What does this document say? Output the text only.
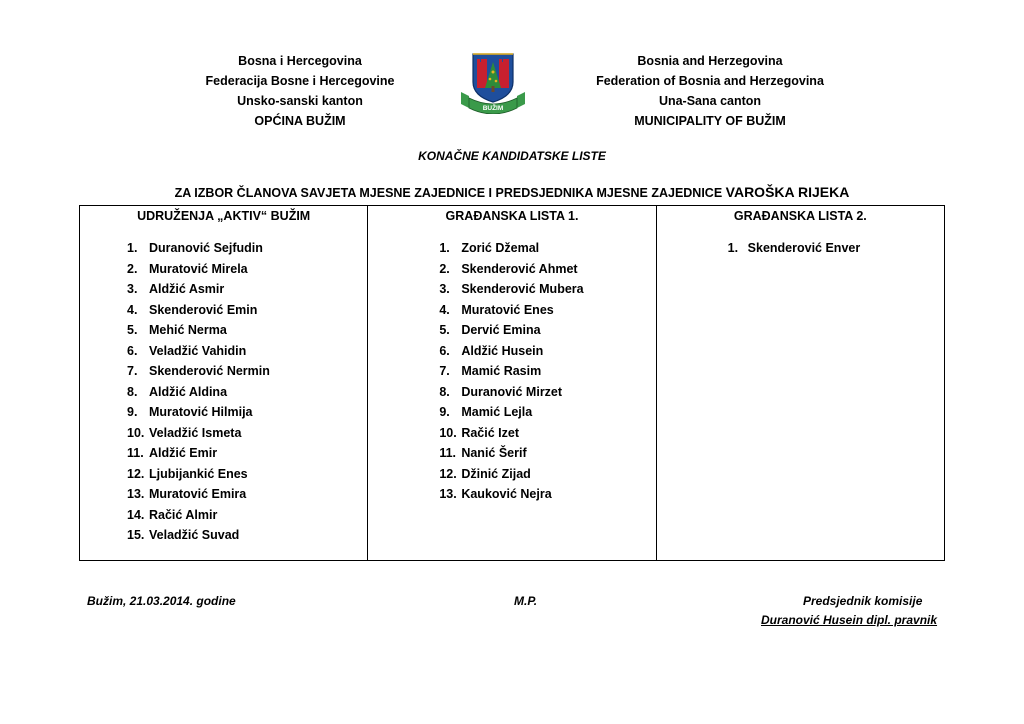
Bosna i Hercegovina
Federacija Bosne i Hercegovine
Unsko-sanski kanton
OPĆINA BUŽIM
BUŽIM
Bosnia and Herzegovina
Federation of Bosnia and Herzegovina
Una-Sana canton
MUNICIPALITY OF BUŽIM
KONAČNE KANDIDATSKE LISTE
ZA IZBOR ČLANOVA SAVJETA MJESNE ZAJEDNICE I PREDSJEDNIKA MJESNE ZAJEDNICE VAROŠKA RIJEKA
UDRUŽENJA „AKTIV“ BUŽIM
1. Duranović Sejfudin
2. Muratović Mirela
3. Aldžić Asmir
4. Skenderović Emin
5. Mehić Nerma
6. Veladžić Vahidin
7. Skenderović Nermin
8. Aldžić Aldina
9. Muratović Hilmija
10. Veladžić Ismeta
11. Aldžić Emir
12. Ljubijankić Enes
13. Muratović Emira
14. Račić Almir
15. Veladžić Suvad
GRAĐANSKA LISTA 1.
1. Zorić Džemal
2. Skenderović Ahmet
3. Skenderović Mubera
4. Muratović Enes
5. Dervić Emina
6. Aldžić Husein
7. Mamić Rasim
8. Duranović Mirzet
9. Mamić Lejla
10. Račić Izet
11. Nanić Šerif
12. Džinić Zijad
13. Kauković Nejra
GRAĐANSKA LISTA 2.
1. Skenderović Enver
Bužim, 21.03.2014. godine	M.P.	Predsjednik komisije
Duranović Husein dipl. pravnik
